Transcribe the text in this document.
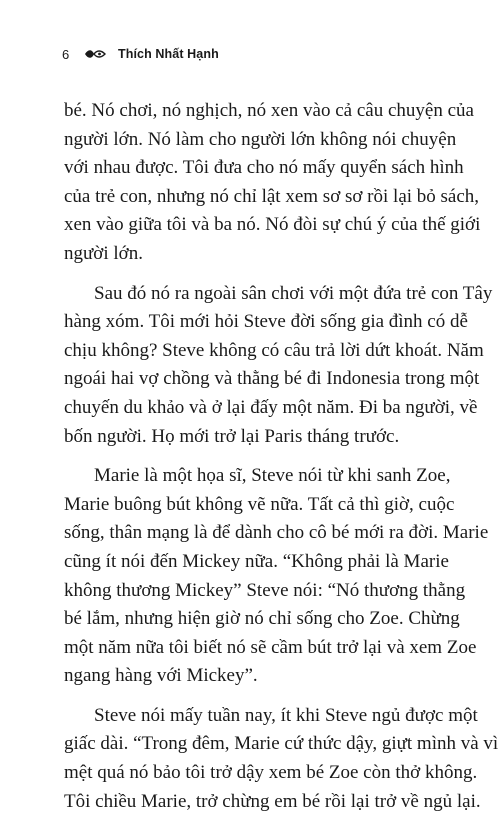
6	Thích Nhất Hạnh

bé. Nó chơi, nó nghịch, nó xen vào cả câu chuyện của
người lớn. Nó làm cho người lớn không nói chuyện
với nhau được. Tôi đưa cho nó mấy quyển sách hình
của trẻ con, nhưng nó chỉ lật xem sơ sơ rồi lại bỏ sách,
xen vào giữa tôi và ba nó. Nó đòi sự chú ý của thế giới
người lớn.

Sau đó nó ra ngoài sân chơi với một đứa trẻ con Tây
hàng xóm. Tôi mới hỏi Steve đời sống gia đình có dễ
chịu không? Steve không có câu trả lời dứt khoát. Năm
ngoái hai vợ chồng và thằng bé đi Indonesia trong một
chuyến du khảo và ở lại đấy một năm. Đi ba người, về
bốn người. Họ mới trở lại Paris tháng trước.

Marie là một họa sĩ, Steve nói từ khi sanh Zoe,
Marie buông bút không vẽ nữa. Tất cả thì giờ, cuộc
sống, thân mạng là để dành cho cô bé mới ra đời. Marie
cũng ít nói đến Mickey nữa. “Không phải là Marie
không thương Mickey” Steve nói: “Nó thương thằng
bé lắm, nhưng hiện giờ nó chỉ sống cho Zoe. Chừng
một năm nữa tôi biết nó sẽ cầm bút trở lại và xem Zoe
ngang hàng với Mickey”.

Steve nói mấy tuần nay, ít khi Steve ngủ được một
giấc dài. “Trong đêm, Marie cứ thức dậy, giựt mình và vì
mệt quá nó bảo tôi trở dậy xem bé Zoe còn thở không.
Tôi chiều Marie, trở chừng em bé rồi lại trở về ngủ lại.
